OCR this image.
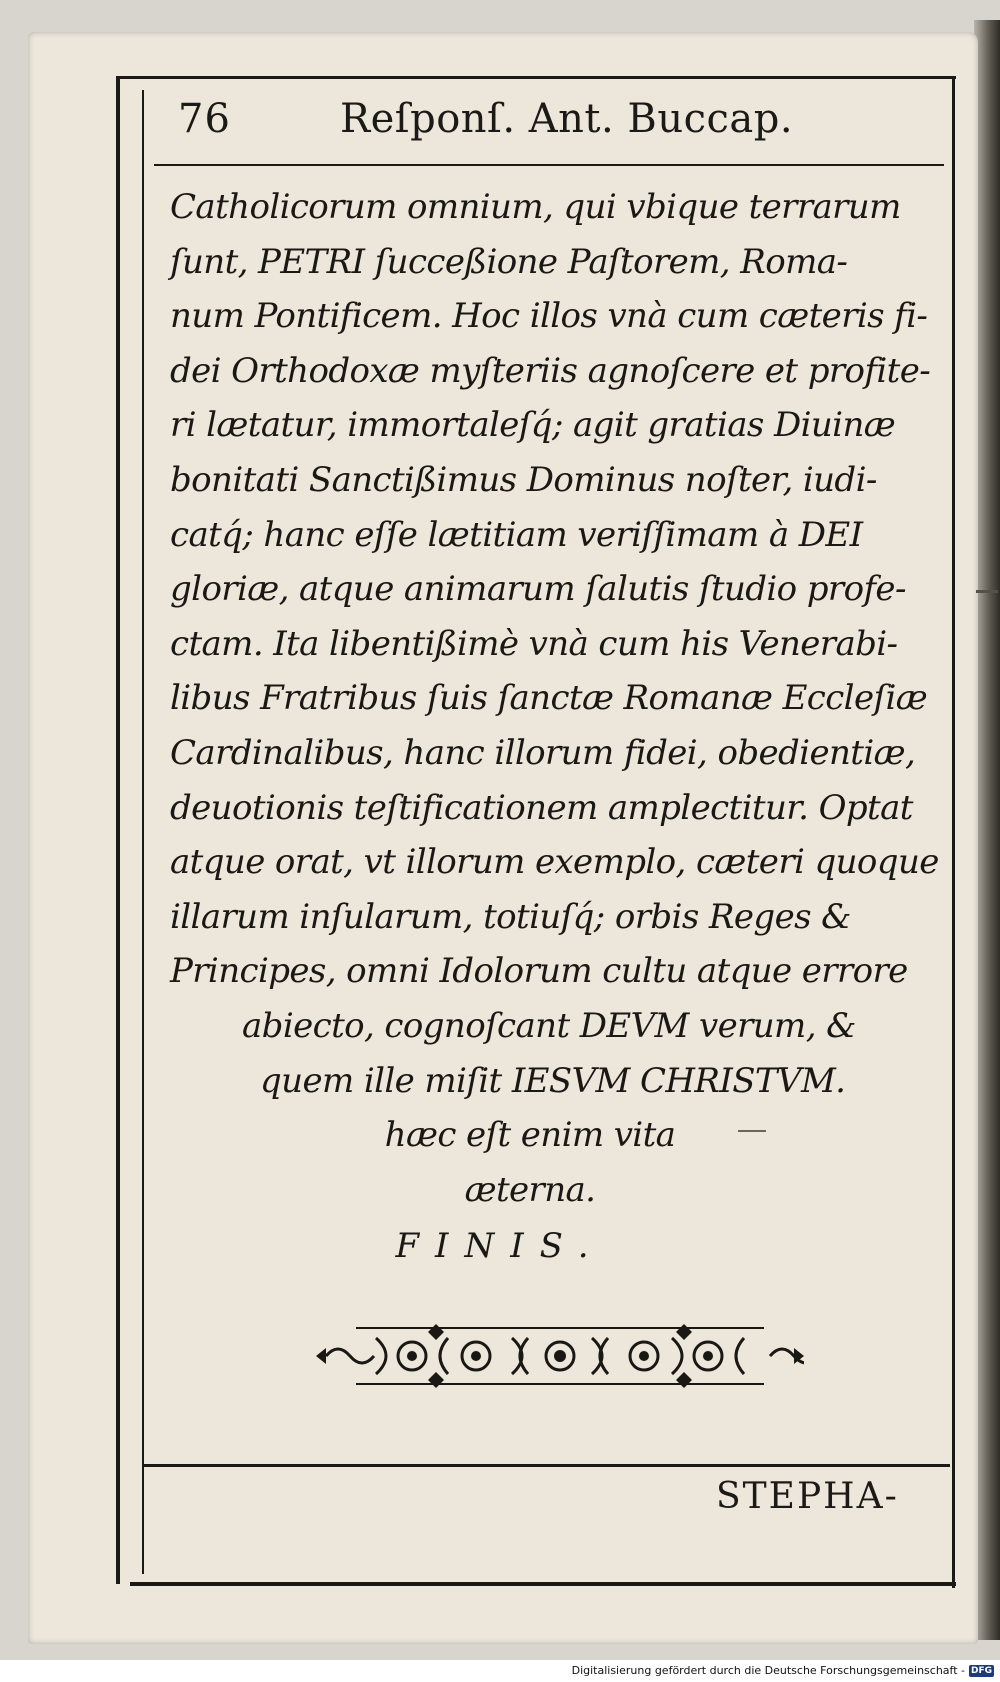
76	Reſponſ. Ant. Buccap.
Catholicorum omnium, qui vbique terrarum
ſunt, PETRI ſucceßione Paſtorem, Roma-
num Pontificem. Hoc illos vnà cum cæteris fi-
dei Orthodoxæ myſteriis agnoſcere et profite-
ri lætatur, immortaleſq́; agit gratias Diuinæ
bonitati Sanctißimus Dominus noſter, iudi-
catq́; hanc eſſe lætitiam veriſſimam à DEI
gloriæ, atque animarum ſalutis ſtudio profe-
ctam. Ita libentißimè vnà cum his Venerabi-
libus Fratribus ſuis ſanctæ Romanæ Eccleſiæ
Cardinalibus, hanc illorum fidei, obedientiæ,
deuotionis teſtificationem amplectitur. Optat
atque orat, vt illorum exemplo, cæteri quoque
illarum inſularum, totiuſq́; orbis Reges &
Principes, omni Idolorum cultu atque errore
abiecto, cognoſcant DEVM verum, &
quem ille miſit IESVM CHRISTVM.
hæc eſt enim vita
æterna.
FINIS.
STEPHA-
Digitalisierung gefördert durch die Deutsche Forschungsgemeinschaft - DFG
